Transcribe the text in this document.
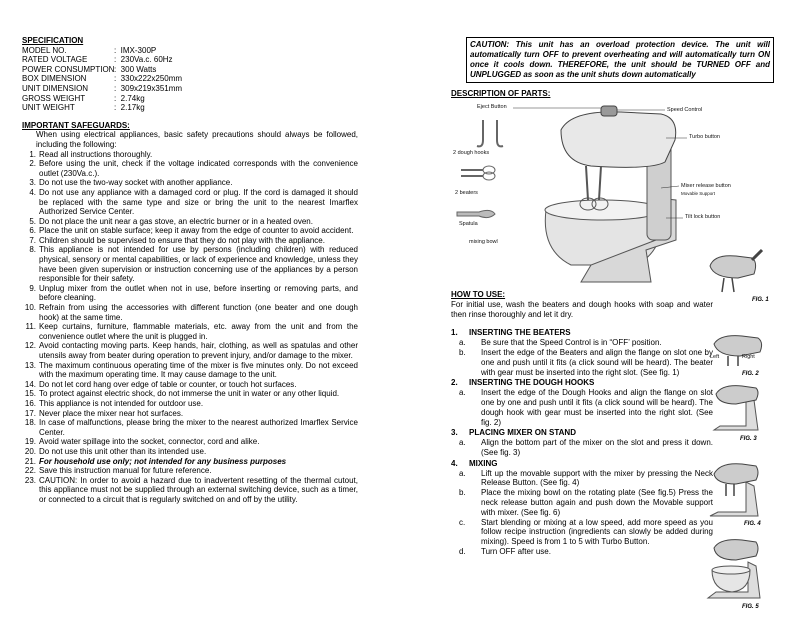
SPECIFICATION
MODEL NO.	:  IMX-300P
RATED VOLTAGE	:  230Va.c. 60Hz
POWER CONSUMPTION :  300 Watts
BOX DIMENSION	:  330x222x250mm
UNIT DIMENSION	:  309x219x351mm
GROSS WEIGHT	:  2.74kg
UNIT WEIGHT	:  2.17kg
IMPORTANT SAFEGUARDS:
When using electrical appliances, basic safety precautions should always be followed, including the following:
1. Read all instructions thoroughly.
2. Before using the unit, check if the voltage indicated corresponds with the convenience outlet (230Va.c.).
3. Do not use the two-way socket with another appliance.
4. Do not use any appliance with a damaged cord or plug. If the cord is damaged it should be replaced with the same type and size or bring the unit to the nearest Imarflex Authorized Service Center.
5. Do not place the unit near a gas stove, an electric burner or in a heated oven.
6. Place the unit on stable surface; keep it away from the edge of counter to avoid accident.
7. Children should be supervised to ensure that they do not play with the appliance.
8. This appliance is not intended for use by persons (including children) with reduced physical, sensory or mental capabilities, or lack of experience and knowledge, unless they have been given supervision or instruction concerning use of the appliances by a person responsible for their safety.
9. Unplug mixer from the outlet when not in use, before inserting or removing parts, and before cleaning.
10. Refrain from using the accessories with different function (one beater and one dough hook) at the same time.
11. Keep curtains, furniture, flammable materials, etc. away from the unit and from the convenience outlet where the unit is plugged in.
12. Avoid contacting moving parts. Keep hands, hair, clothing, as well as spatulas and other utensils away from beater during operation to prevent injury, and/or damage to the mixer.
13. The maximum continuous operating time of the mixer is five minutes only. Do not exceed with the maximum operating time. It may cause damage to the unit.
14. Do not let cord hang over edge of table or counter, or touch hot surfaces.
15. To protect against electric shock, do not immerse the unit in water or any other liquid.
16. This appliance is not intended for outdoor use.
17. Never place the mixer near hot surfaces.
18. In case of malfunctions, please bring the mixer to the nearest authorized Imarflex Service Center.
19. Avoid water spillage into the socket, connector, cord and alike.
20. Do not use this unit other than its intended use.
21. For household use only; not intended for any business purposes
22. Save this instruction manual for future reference.
23. CAUTION: In order to avoid a hazard due to inadvertent resetting of the thermal cutout, this appliance must not be supplied through an external switching device, such as a timer, or connected to a circuit that is regularly switched on and off by the utility.
CAUTION: This unit has an overload protection device. The unit will automatically turn OFF to prevent overheating and will automatically turn ON once it cools down. THEREFORE, the unit should be TURNED OFF and UNPLUGGED as soon as the unit shuts down automatically
DESCRIPTION OF PARTS:
Eject Button	Speed Control
Turbo button
2 dough hooks
2 beaters
Mixer release button
Movable Support
Spatula
Tilt lock button
mixing bowl
HOW TO USE:
For initial use, wash the beaters and dough hooks with soap and water then rinse thoroughly and let it dry.
1.	INSERTING THE BEATERS
a.	Be sure that the Speed Control is in “OFF’ position.
b.	Insert the edge of the Beaters and align the flange on slot one by one and push until it fits (a click sound will be heard). The beater with gear must be inserted into the right slot. (See fig. 1)
2.	INSERTING THE DOUGH HOOKS
a.	Insert the edge of the Dough Hooks and align the flange on slot one by one and push until it fits (a click sound will be heard). The dough hook with gear must be inserted into the right slot. (See fig. 2)
3.	PLACING MIXER ON STAND
a.	Align the bottom part of the mixer on the slot and press it down. (See fig. 3)
4.	MIXING
a.	Lift up the movable support with the mixer by pressing the Neck Release Button. (See fig. 4)
b.	Place the mixing bowl on the rotating plate (See fig.5) Press the neck release button again and push down the Movable support with mixer. (See fig. 6)
c.	Start blending or mixing at a low speed, add more speed as you follow recipe instruction (ingredients can slowly be added during mixing). Speed is from 1 to 5 with Turbo Button.
d.	Turn OFF after use.
FIG. 1
Left	Right
FIG. 2
FIG. 3
FIG. 4
FIG. 5
